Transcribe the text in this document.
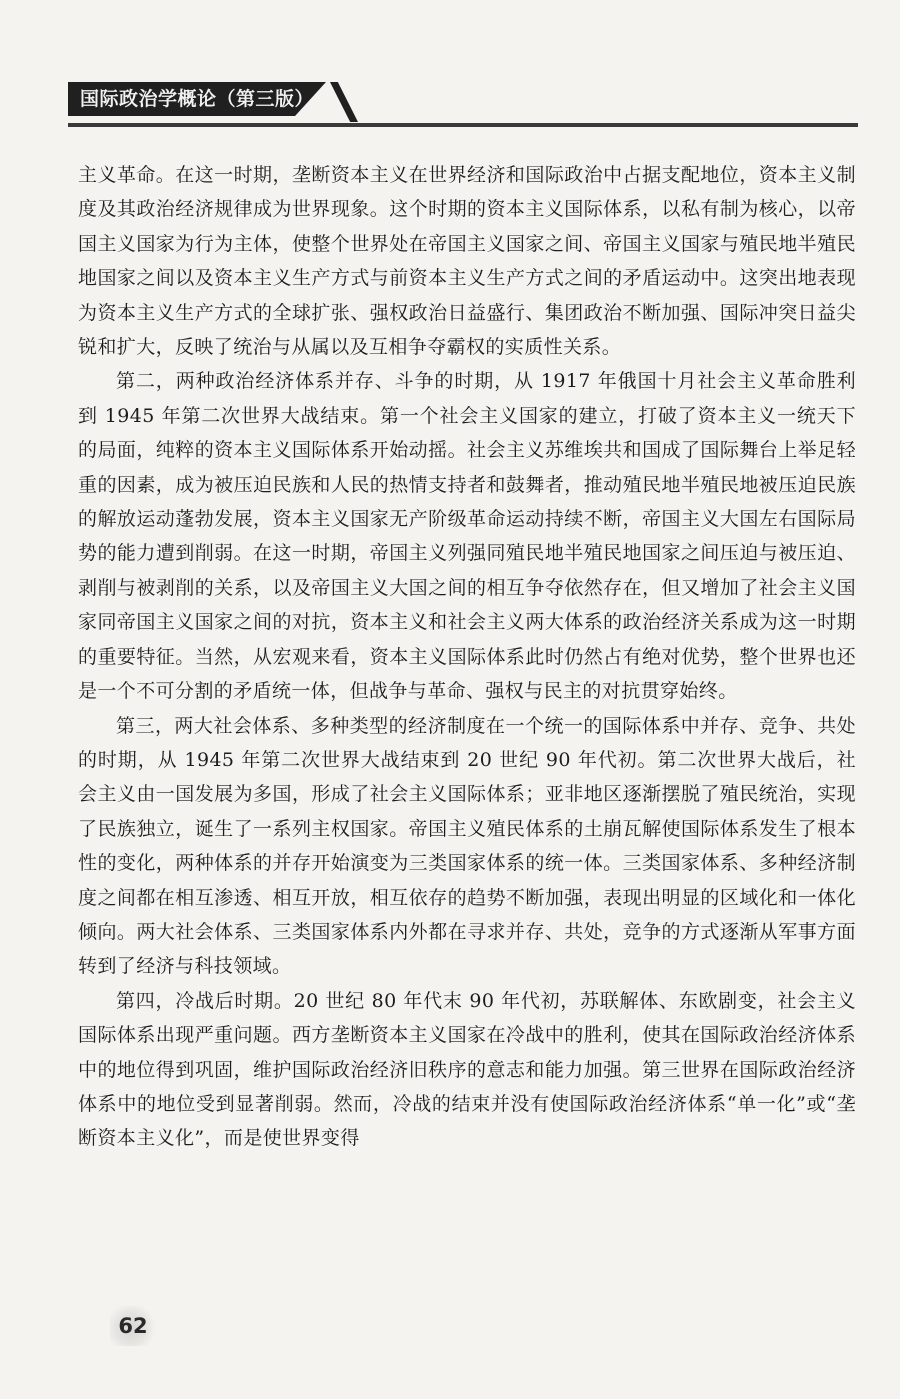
国际政治学概论（第三版）

主义革命。在这一时期，垄断资本主义在世界经济和国际政治中占据支配地位，资本主义制度及其政治经济规律成为世界现象。这个时期的资本主义国际体系，以私有制为核心，以帝国主义国家为行为主体，使整个世界处在帝国主义国家之间、帝国主义国家与殖民地半殖民地国家之间以及资本主义生产方式与前资本主义生产方式之间的矛盾运动中。这突出地表现为资本主义生产方式的全球扩张、强权政治日益盛行、集团政治不断加强、国际冲突日益尖锐和扩大，反映了统治与从属以及互相争夺霸权的实质性关系。

第二，两种政治经济体系并存、斗争的时期，从 1917 年俄国十月社会主义革命胜利到 1945 年第二次世界大战结束。第一个社会主义国家的建立，打破了资本主义一统天下的局面，纯粹的资本主义国际体系开始动摇。社会主义苏维埃共和国成了国际舞台上举足轻重的因素，成为被压迫民族和人民的热情支持者和鼓舞者，推动殖民地半殖民地被压迫民族的解放运动蓬勃发展，资本主义国家无产阶级革命运动持续不断，帝国主义大国左右国际局势的能力遭到削弱。在这一时期，帝国主义列强同殖民地半殖民地国家之间压迫与被压迫、剥削与被剥削的关系，以及帝国主义大国之间的相互争夺依然存在，但又增加了社会主义国家同帝国主义国家之间的对抗，资本主义和社会主义两大体系的政治经济关系成为这一时期的重要特征。当然，从宏观来看，资本主义国际体系此时仍然占有绝对优势，整个世界也还是一个不可分割的矛盾统一体，但战争与革命、强权与民主的对抗贯穿始终。

第三，两大社会体系、多种类型的经济制度在一个统一的国际体系中并存、竞争、共处的时期，从 1945 年第二次世界大战结束到 20 世纪 90 年代初。第二次世界大战后，社会主义由一国发展为多国，形成了社会主义国际体系；亚非地区逐渐摆脱了殖民统治，实现了民族独立，诞生了一系列主权国家。帝国主义殖民体系的土崩瓦解使国际体系发生了根本性的变化，两种体系的并存开始演变为三类国家体系的统一体。三类国家体系、多种经济制度之间都在相互渗透、相互开放，相互依存的趋势不断加强，表现出明显的区域化和一体化倾向。两大社会体系、三类国家体系内外都在寻求并存、共处，竞争的方式逐渐从军事方面转到了经济与科技领域。

第四，冷战后时期。20 世纪 80 年代末 90 年代初，苏联解体、东欧剧变，社会主义国际体系出现严重问题。西方垄断资本主义国家在冷战中的胜利，使其在国际政治经济体系中的地位得到巩固，维护国际政治经济旧秩序的意志和能力加强。第三世界在国际政治经济体系中的地位受到显著削弱。然而，冷战的结束并没有使国际政治经济体系“单一化”或“垄断资本主义化”，而是使世界变得

62
